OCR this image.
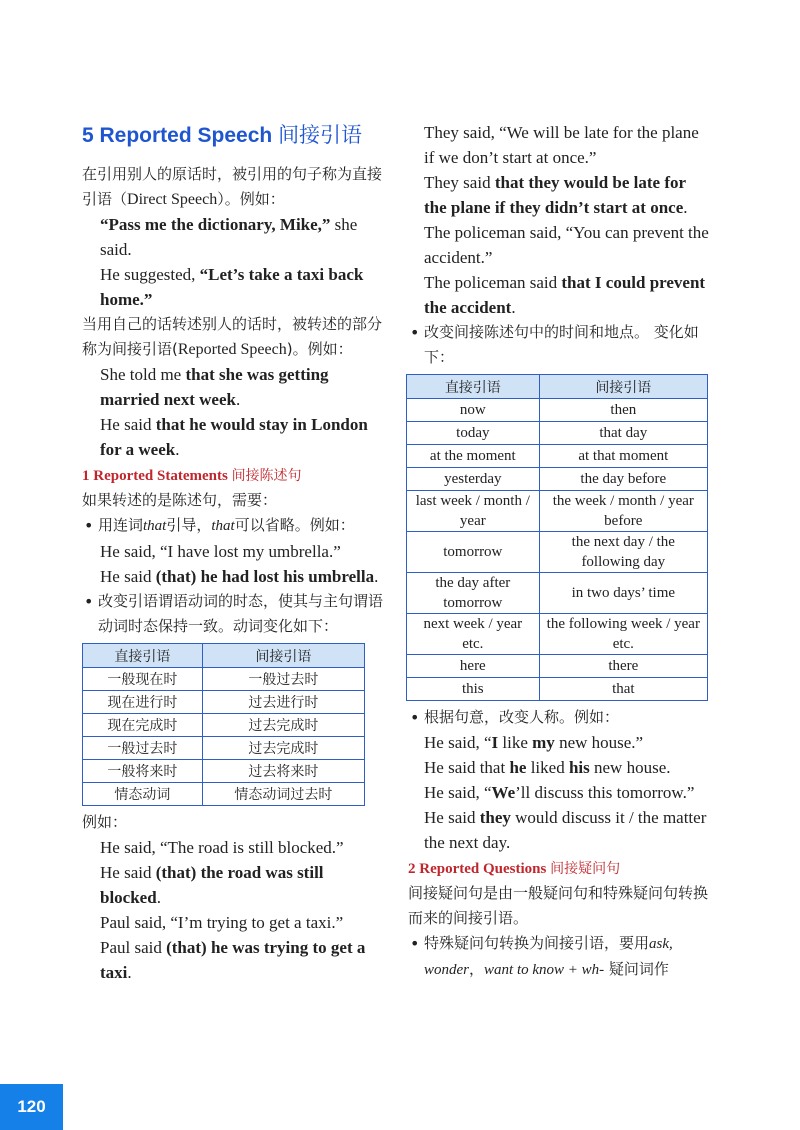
5 Reported Speech 间接引语

在引用别人的原话时，被引用的句子称为直接引语（Direct Speech）。例如：

“Pass me the dictionary, Mike,” she said.

He suggested, “Let’s take a taxi back home.”

当用自己的话转述别人的话时，被转述的部分称为间接引语(Reported Speech)。例如：

She told me that she was getting married next week.

He said that he would stay in London for a week.

1 Reported Statements 间接陈述句

如果转述的是陈述句，需要：

• 用连词that引导，that可以省略。例如：

He said, “I have lost my umbrella.”

He said (that) he had lost his umbrella.

• 改变引语谓语动词的时态，使其与主句谓语动词时态保持一致。动词变化如下：

直接引语	间接引语
一般现在时	一般过去时
现在进行时	过去进行时
现在完成时	过去完成时
一般过去时	过去完成时
一般将来时	过去将来时
情态动词	情态动词过去时

例如：

He said, “The road is still blocked.”

He said (that) the road was still blocked.

Paul said, “I’m trying to get a taxi.”

Paul said (that) he was trying to get a taxi.

They said, “We will be late for the plane if we don’t start at once.”

They said that they would be late for the plane if they didn’t start at once.

The policeman said, “You can prevent the accident.”

The policeman said that I could prevent the accident.

• 改变间接陈述句中的时间和地点。 变化如下：

直接引语	间接引语
now	then
today	that day
at the moment	at that moment
yesterday	the day before
last week / month / year	the week / month / year before
tomorrow	the next day / the following day
the day after tomorrow	in two days’ time
next week / year etc.	the following week / year etc.
here	there
this	that

• 根据句意，改变人称。例如：

He said, “I like my new house.”

He said that he liked his new house.

He said, “We’ll discuss this tomorrow.”

He said they would discuss it / the matter the next day.

2 Reported Questions 间接疑问句

间接疑问句是由一般疑问句和特殊疑问句转换而来的间接引语。

• 特殊疑问句转换为间接引语，要用ask, wonder，want to know + wh- 疑问词作

120
